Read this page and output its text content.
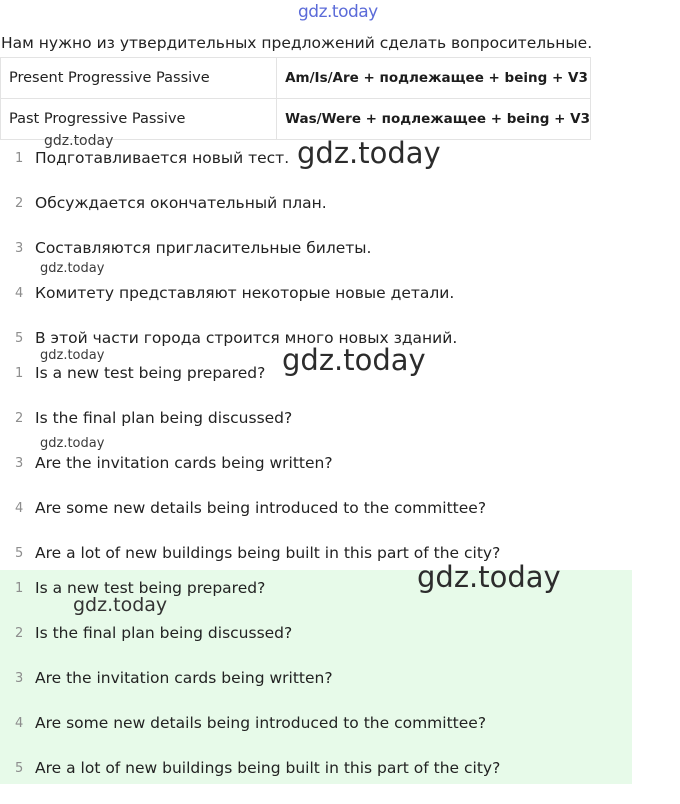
gdz.today
Нам нужно из утвердительных предложений сделать вопросительные.
Present Progressive Passive	Am/Is/Are + подлежащее + being + V3
Past Progressive Passive	Was/Were + подлежащее + being + V3
1 Подготавливается новый тест.
2 Обсуждается окончательный план.
3 Составляются пригласительные билеты.
4 Комитету представляют некоторые новые детали.
5 В этой части города строится много новых зданий.
1 Is a new test being prepared?
2 Is the final plan being discussed?
3 Are the invitation cards being written?
4 Are some new details being introduced to the committee?
5 Are a lot of new buildings being built in this part of the city?
1 Is a new test being prepared?
2 Is the final plan being discussed?
3 Are the invitation cards being written?
4 Are some new details being introduced to the committee?
5 Are a lot of new buildings being built in this part of the city?
gdz.today	gdz.today
gdz.today
gdz.today	gdz.today
gdz.today
gdz.today
gdz.today
